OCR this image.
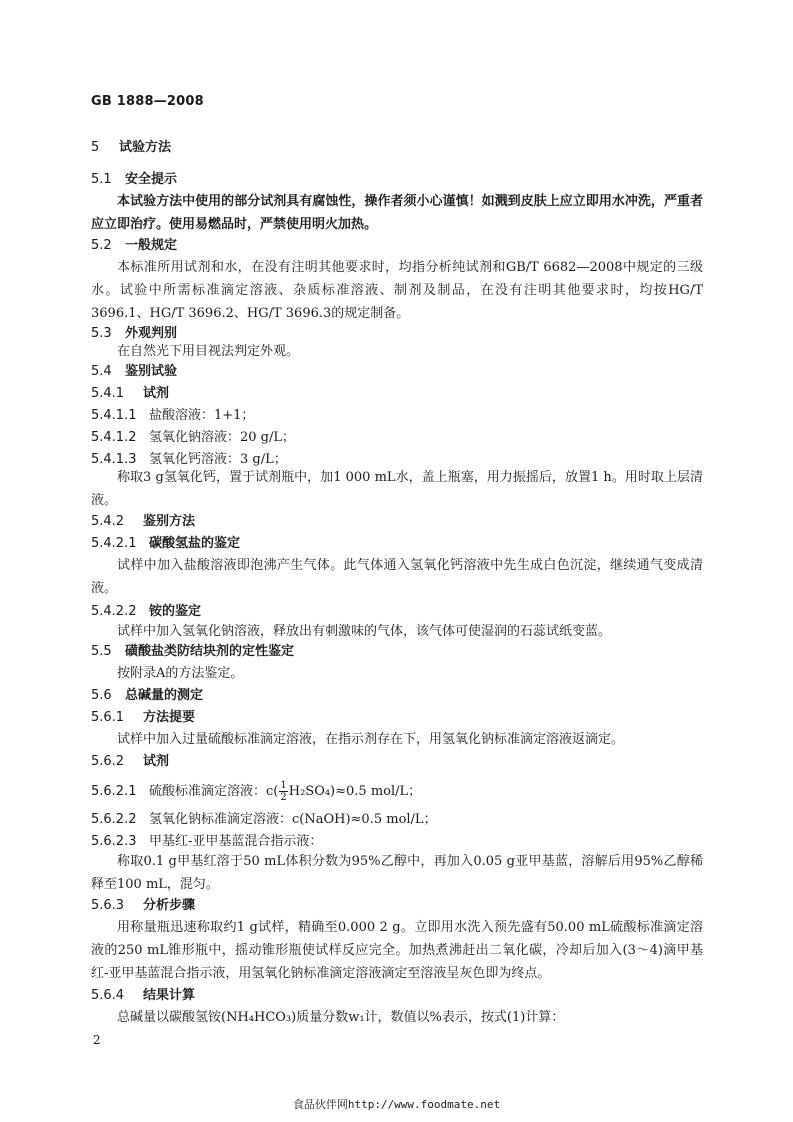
GB 1888—2008
5 试验方法
5.1 安全提示
本试验方法中使用的部分试剂具有腐蚀性，操作者须小心谨慎！如溅到皮肤上应立即用水冲洗，严重者应立即治疗。使用易燃品时，严禁使用明火加热。
5.2 一般规定
本标准所用试剂和水，在没有注明其他要求时，均指分析纯试剂和GB/T 6682—2008中规定的三级水。试验中所需标准滴定溶液、杂质标准溶液、制剂及制品，在没有注明其他要求时，均按HG/T 3696.1、HG/T 3696.2、HG/T 3696.3的规定制备。
5.3 外观判别
在自然光下用目视法判定外观。
5.4 鉴别试验
5.4.1 试剂
5.4.1.1 盐酸溶液：1+1；
5.4.1.2 氢氧化钠溶液：20 g/L；
5.4.1.3 氢氧化钙溶液：3 g/L；
称取3 g氢氧化钙，置于试剂瓶中，加1 000 mL水，盖上瓶塞，用力振摇后，放置1 h。用时取上层清液。
5.4.2 鉴别方法
5.4.2.1 碳酸氢盐的鉴定
试样中加入盐酸溶液即泡沸产生气体。此气体通入氢氧化钙溶液中先生成白色沉淀，继续通气变成清液。
5.4.2.2 铵的鉴定
试样中加入氢氧化钠溶液，释放出有刺激味的气体，该气体可使湿润的石蕊试纸变蓝。
5.5 磺酸盐类防结块剂的定性鉴定
按附录A的方法鉴定。
5.6 总碱量的测定
5.6.1 方法提要
试样中加入过量硫酸标准滴定溶液，在指示剂存在下，用氢氧化钠标准滴定溶液返滴定。
5.6.2 试剂
5.6.2.1 硫酸标准滴定溶液：$c( \frac{1}{2} H_2SO_4)\approx 0.5$ mol/L；
5.6.2.2 氢氧化钠标准滴定溶液：c(NaOH)≈0.5 mol/L；
5.6.2.3 甲基红-亚甲基蓝混合指示液：
称取0.1 g甲基红溶于50 mL体积分数为95%乙醇中，再加入0.05 g亚甲基蓝，溶解后用95%乙醇稀释至100 mL，混匀。
5.6.3 分析步骤
用称量瓶迅速称取约1 g试样，精确至0.000 2 g。立即用水洗入预先盛有50.00 mL硫酸标准滴定溶液的250 mL锥形瓶中，摇动锥形瓶使试样反应完全。加热煮沸赶出二氧化碳，冷却后加入(3～4)滴甲基红-亚甲基蓝混合指示液，用氢氧化钠标准滴定溶液滴定至溶液呈灰色即为终点。
5.6.4 结果计算
总碱量以碳酸氢铵(NH₄HCO₃)质量分数w₁计，数值以%表示，按式(1)计算：
2
食品伙伴网http://www.foodmate.net
